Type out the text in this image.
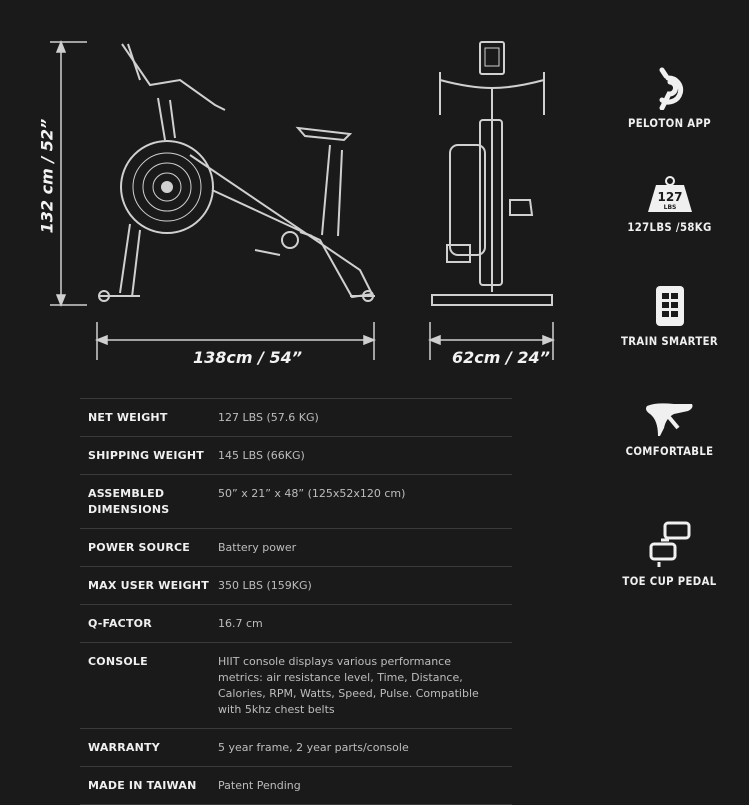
132 cm / 52”
138cm / 54”	62cm / 24”
PELOTON APP
127
LBS
127LBS /58KG
TRAIN SMARTER
COMFORTABLE
TOE CUP PEDAL
NET WEIGHT	127 LBS (57.6 KG)

SHIPPING WEIGHT	145 LBS (66KG)

ASSEMBLED DIMENSIONS	50” x 21” x 48” (125x52x120 cm)

POWER SOURCE	Battery power

MAX USER WEIGHT	350 LBS (159KG)

Q-FACTOR	16.7 cm

CONSOLE	HIIT console displays various performance metrics: air resistance level, Time, Distance, Calories, RPM, Watts, Speed, Pulse. Compatible with 5khz chest belts

WARRANTY	5 year frame, 2 year parts/console

MADE IN TAIWAN	Patent Pending
